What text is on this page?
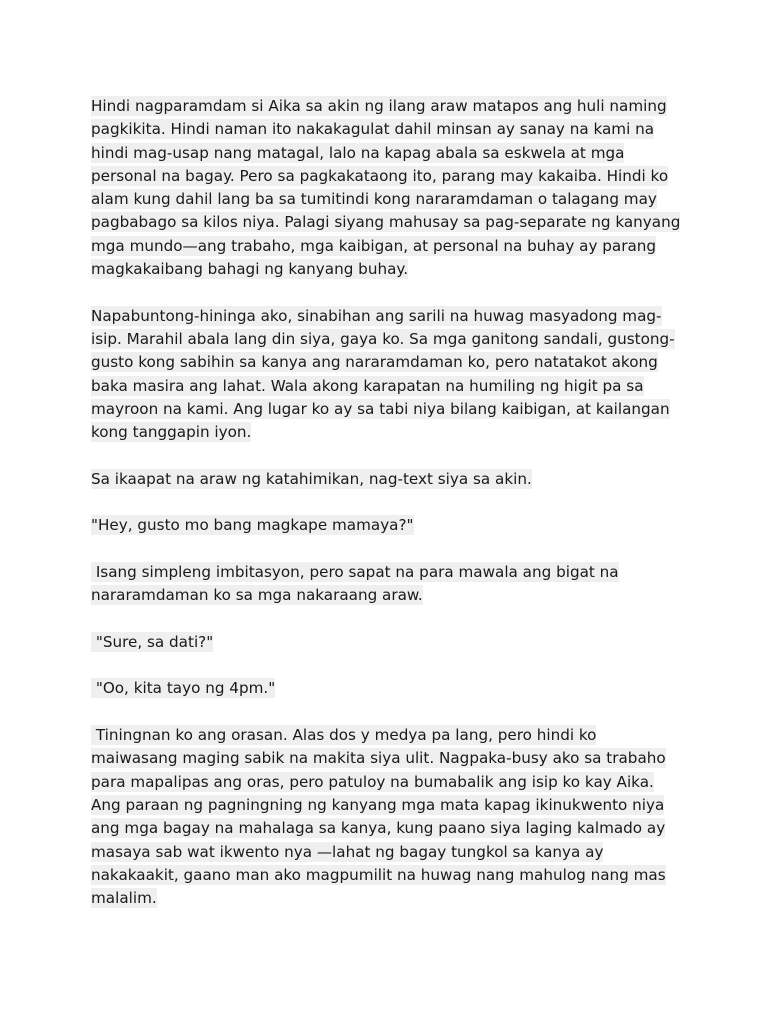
Hindi nagparamdam si Aika sa akin ng ilang araw matapos ang huli naming
pagkikita. Hindi naman ito nakakagulat dahil minsan ay sanay na kami na
hindi mag-usap nang matagal, lalo na kapag abala sa eskwela at mga
personal na bagay. Pero sa pagkakataong ito, parang may kakaiba. Hindi ko
alam kung dahil lang ba sa tumitindi kong nararamdaman o talagang may
pagbabago sa kilos niya. Palagi siyang mahusay sa pag-separate ng kanyang
mga mundo—ang trabaho, mga kaibigan, at personal na buhay ay parang
magkakaibang bahagi ng kanyang buhay.

Napabuntong-hininga ako, sinabihan ang sarili na huwag masyadong mag-
isip. Marahil abala lang din siya, gaya ko. Sa mga ganitong sandali, gustong-
gusto kong sabihin sa kanya ang nararamdaman ko, pero natatakot akong
baka masira ang lahat. Wala akong karapatan na humiling ng higit pa sa
mayroon na kami. Ang lugar ko ay sa tabi niya bilang kaibigan, at kailangan
kong tanggapin iyon.

Sa ikaapat na araw ng katahimikan, nag-text siya sa akin.

"Hey, gusto mo bang magkape mamaya?"

Isang simpleng imbitasyon, pero sapat na para mawala ang bigat na
nararamdaman ko sa mga nakaraang araw.

"Sure, sa dati?"

"Oo, kita tayo ng 4pm."

Tiningnan ko ang orasan. Alas dos y medya pa lang, pero hindi ko
maiwasang maging sabik na makita siya ulit. Nagpaka-busy ako sa trabaho
para mapalipas ang oras, pero patuloy na bumabalik ang isip ko kay Aika.
Ang paraan ng pagningning ng kanyang mga mata kapag ikinukwento niya
ang mga bagay na mahalaga sa kanya, kung paano siya laging kalmado ay
masaya sab wat ikwento nya —lahat ng bagay tungkol sa kanya ay
nakakaakit, gaano man ako magpumilit na huwag nang mahulog nang mas
malalim.
